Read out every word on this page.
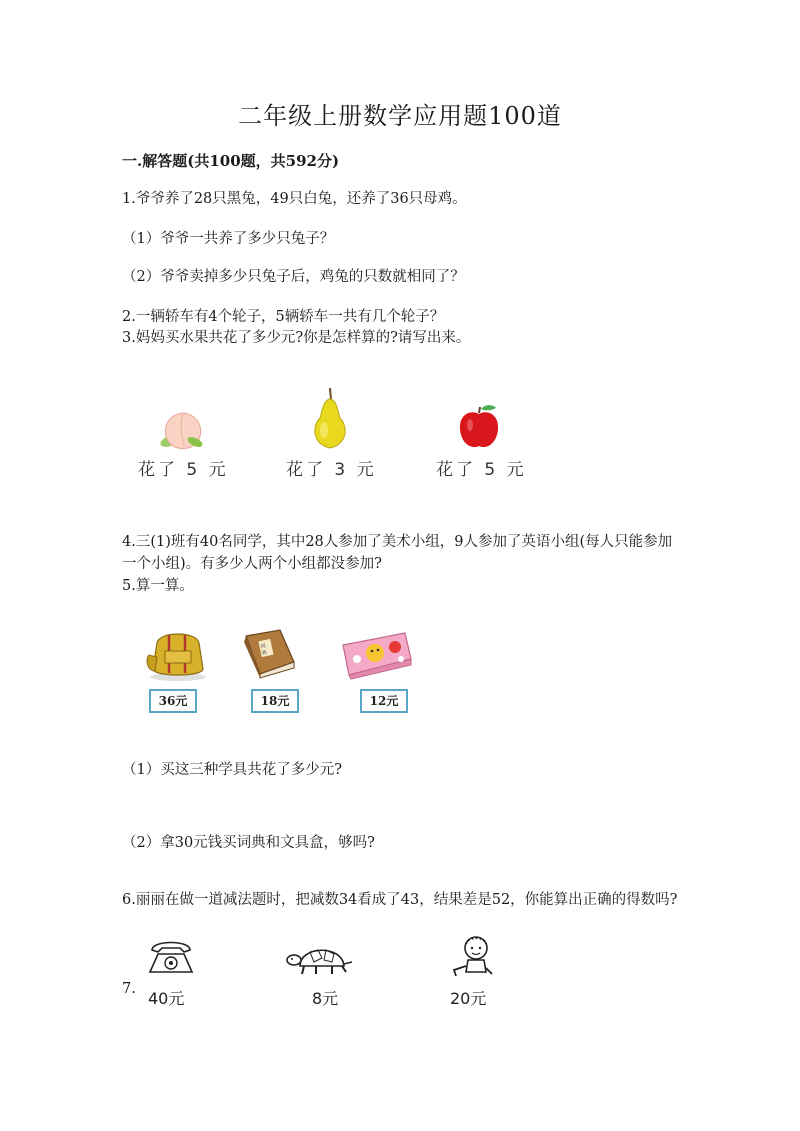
二年级上册数学应用题100道
一.解答题(共100题，共592分)
1.爷爷养了28只黑兔，49只白兔，还养了36只母鸡。
（1）爷爷一共养了多少只兔子？
（2）爷爷卖掉多少只兔子后，鸡兔的只数就相同了？
2.一辆轿车有4个轮子，5辆轿车一共有几个轮子？
3.妈妈买水果共花了多少元?你是怎样算的?请写出来。
花了 5 元	花了 3 元	花了 5 元
4.三(1)班有40名同学，其中28人参加了美术小组，9人参加了英语小组(每人只能参加一个小组)。有多少人两个小组都没参加?
5.算一算。
36元
词
典
18元	12元
（1）买这三种学具共花了多少元?
（2）拿30元钱买词典和文具盒，够吗?
6.丽丽在做一道减法题时，把减数34看成了43，结果差是52，你能算出正确的得数吗?
7. 40元	8元	20元
